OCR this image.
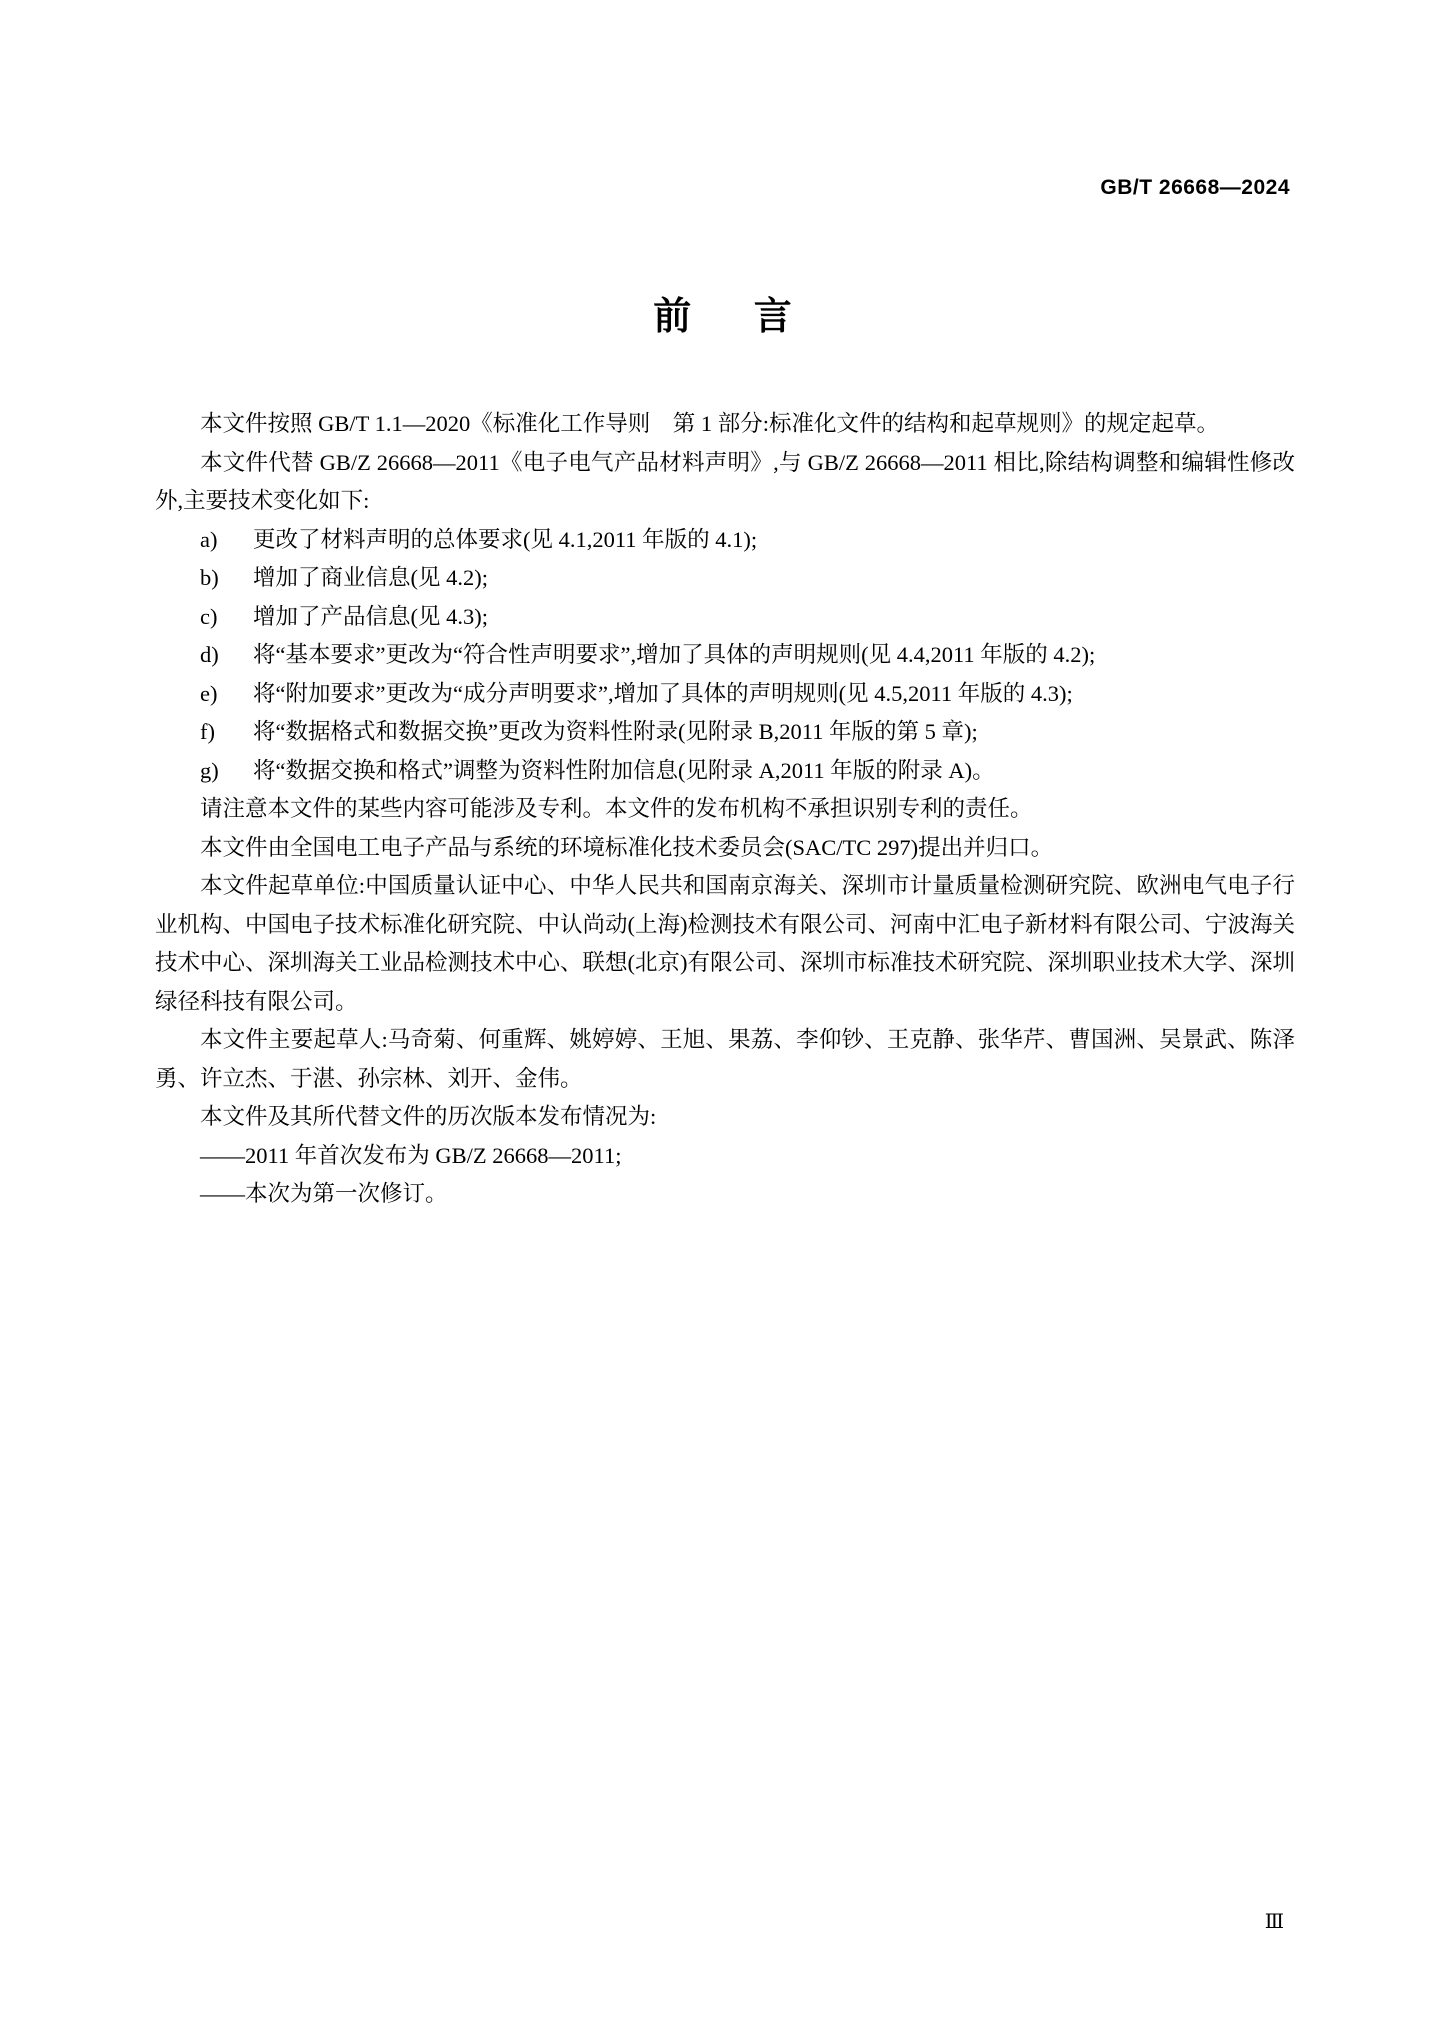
GB/T 26668—2024
前 言

本文件按照 GB/T 1.1—2020《标准化工作导则　第 1 部分:标准化文件的结构和起草规则》的规定起草。

本文件代替 GB/Z 26668—2011《电子电气产品材料声明》,与 GB/Z 26668—2011 相比,除结构调整和编辑性修改外,主要技术变化如下:

a)	更改了材料声明的总体要求(见 4.1,2011 年版的 4.1);
b)	增加了商业信息(见 4.2);
c)	增加了产品信息(见 4.3);
d)	将“基本要求”更改为“符合性声明要求”,增加了具体的声明规则(见 4.4,2011 年版的 4.2);
e)	将“附加要求”更改为“成分声明要求”,增加了具体的声明规则(见 4.5,2011 年版的 4.3);
f)	将“数据格式和数据交换”更改为资料性附录(见附录 B,2011 年版的第 5 章);
g)	将“数据交换和格式”调整为资料性附加信息(见附录 A,2011 年版的附录 A)。

请注意本文件的某些内容可能涉及专利。本文件的发布机构不承担识别专利的责任。

本文件由全国电工电子产品与系统的环境标准化技术委员会(SAC/TC 297)提出并归口。

本文件起草单位:中国质量认证中心、中华人民共和国南京海关、深圳市计量质量检测研究院、欧洲电气电子行业机构、中国电子技术标准化研究院、中认尚动(上海)检测技术有限公司、河南中汇电子新材料有限公司、宁波海关技术中心、深圳海关工业品检测技术中心、联想(北京)有限公司、深圳市标准技术研究院、深圳职业技术大学、深圳绿径科技有限公司。

本文件主要起草人:马奇菊、何重辉、姚婷婷、王旭、果荔、李仰钞、王克静、张华芹、曹国洲、吴景武、陈泽勇、许立杰、于湛、孙宗林、刘开、金伟。

本文件及其所代替文件的历次版本发布情况为:

——2011 年首次发布为 GB/Z 26668—2011;

——本次为第一次修订。

Ⅲ
